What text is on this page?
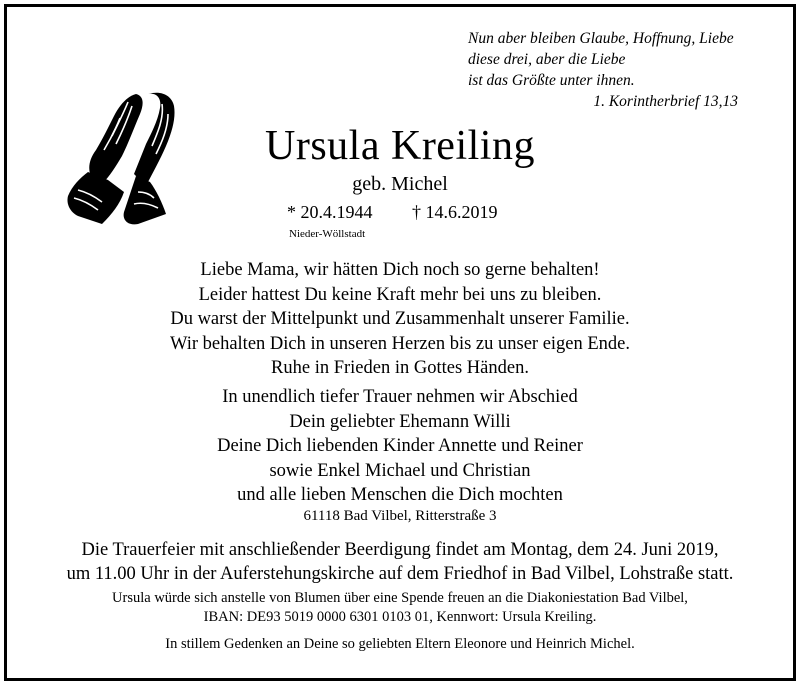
Nun aber bleiben Glaube, Hoffnung, Liebe
diese drei, aber die Liebe
ist das Größte unter ihnen.
1. Korintherbrief 13,13
Ursula Kreiling
geb. Michel
* 20.4.1944 † 14.6.2019
Nieder-Wöllstadt
Liebe Mama, wir hätten Dich noch so gerne behalten!
Leider hattest Du keine Kraft mehr bei uns zu bleiben.
Du warst der Mittelpunkt und Zusammenhalt unserer Familie.
Wir behalten Dich in unseren Herzen bis zu unser eigen Ende.
Ruhe in Frieden in Gottes Händen.
In unendlich tiefer Trauer nehmen wir Abschied
Dein geliebter Ehemann Willi
Deine Dich liebenden Kinder Annette und Reiner
sowie Enkel Michael und Christian
und alle lieben Menschen die Dich mochten
61118 Bad Vilbel, Ritterstraße 3
Die Trauerfeier mit anschließender Beerdigung findet am Montag, dem 24. Juni 2019,
um 11.00 Uhr in der Auferstehungskirche auf dem Friedhof in Bad Vilbel, Lohstraße statt.
Ursula würde sich anstelle von Blumen über eine Spende freuen an die Diakoniestation Bad Vilbel,
IBAN: DE93 5019 0000 6301 0103 01, Kennwort: Ursula Kreiling.
In stillem Gedenken an Deine so geliebten Eltern Eleonore und Heinrich Michel.
